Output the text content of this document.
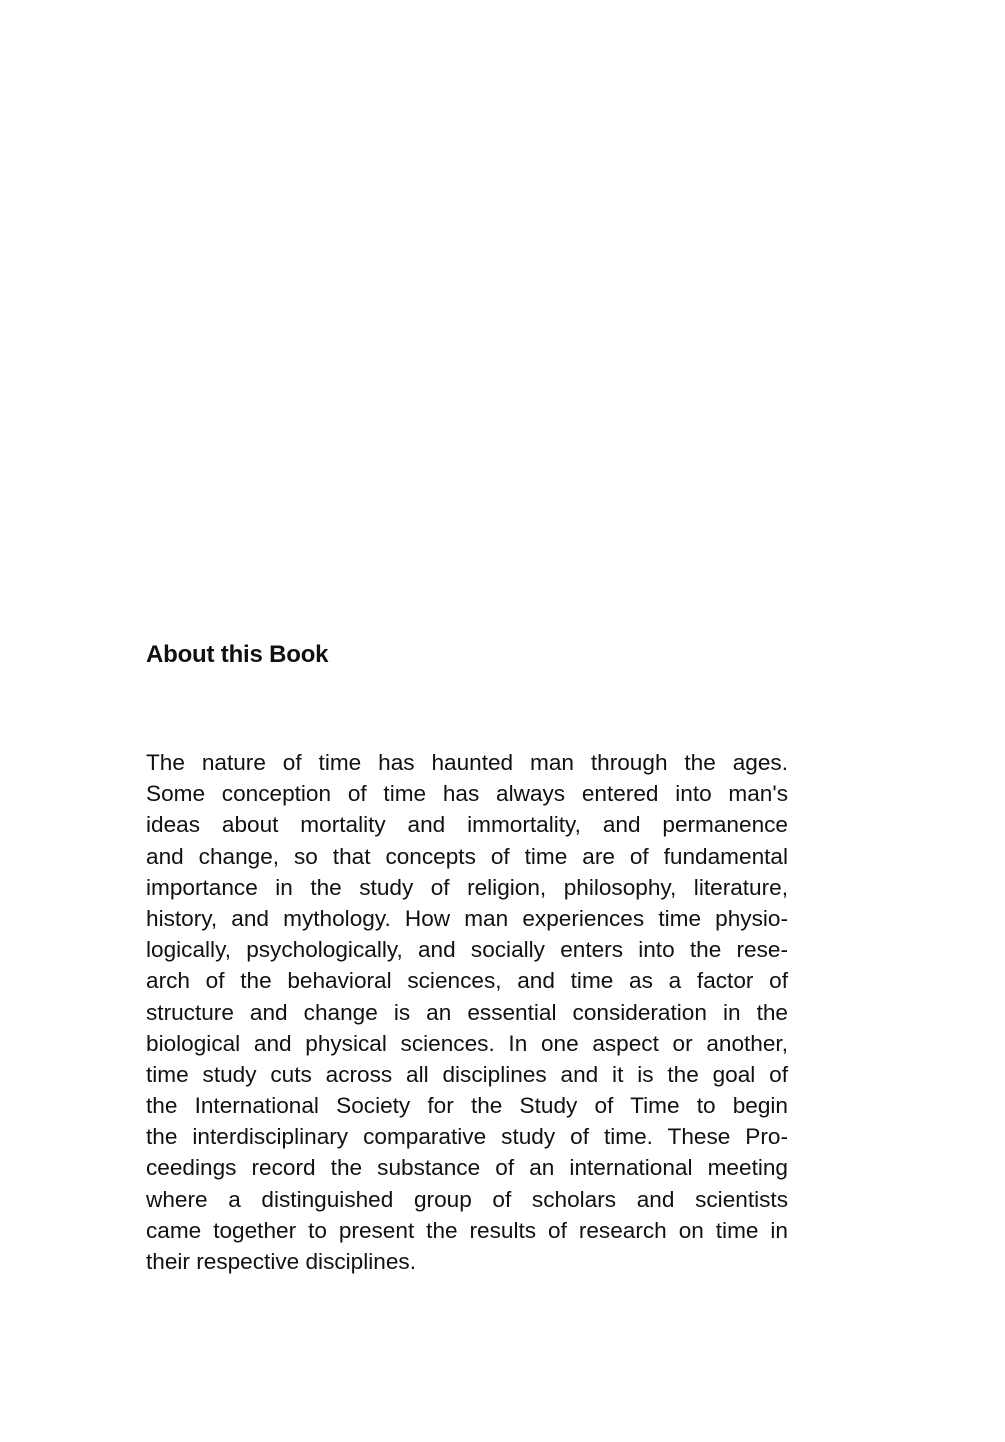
About this Book
The nature of time has haunted man through the ages.
Some conception of time has always entered into man's
ideas about mortality and immortality, and permanence
and change, so that concepts of time are of fundamental
importance in the study of religion, philosophy, literature,
history, and mythology. How man experiences time physio-
logically, psychologically, and socially enters into the rese-
arch of the behavioral sciences, and time as a factor of
structure and change is an essential consideration in the
biological and physical sciences. In one aspect or another,
time study cuts across all disciplines and it is the goal of
the International Society for the Study of Time to begin
the interdisciplinary comparative study of time. These Pro-
ceedings record the substance of an international meeting
where a distinguished group of scholars and scientists
came together to present the results of research on time in
their respective disciplines.
